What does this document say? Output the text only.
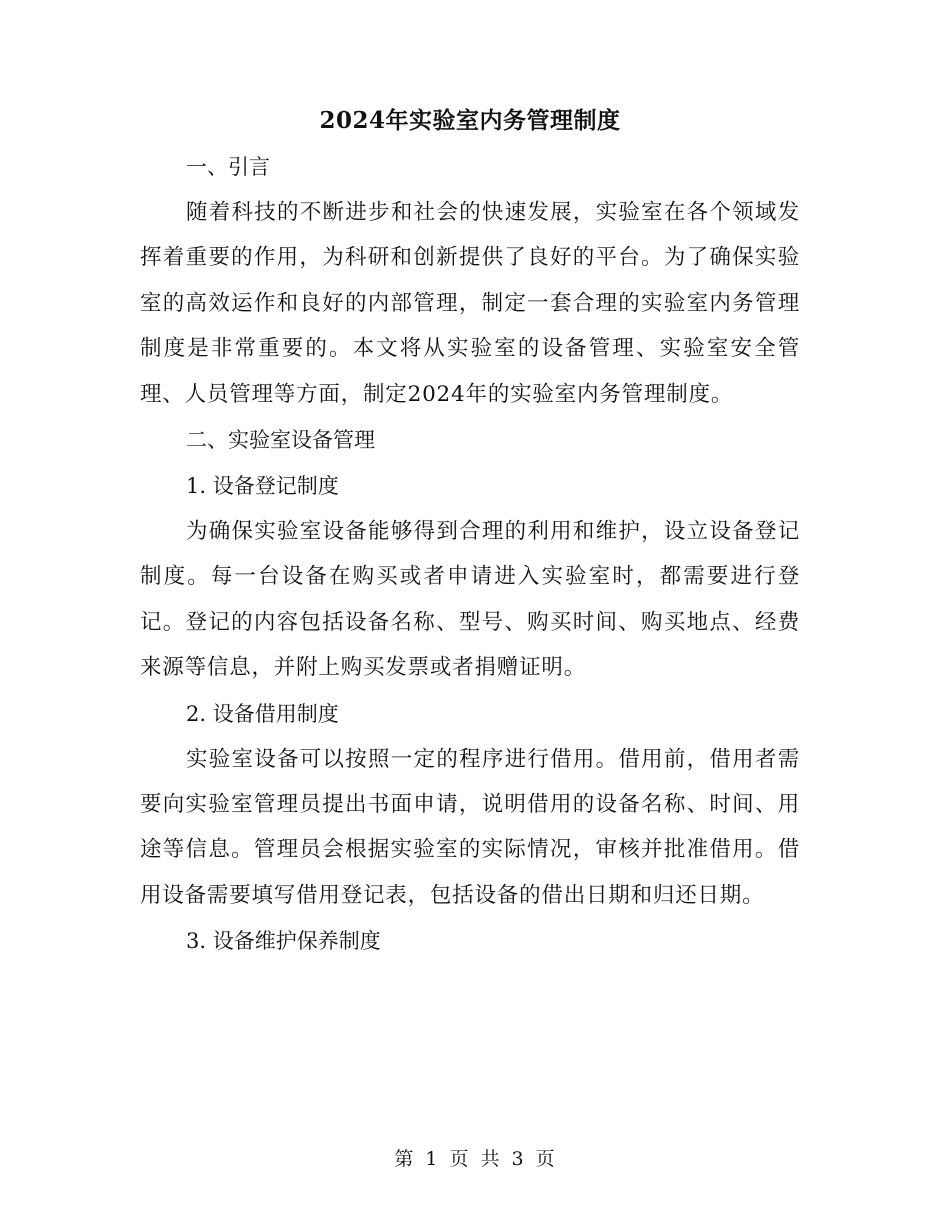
2024年实验室内务管理制度

一、引言

随着科技的不断进步和社会的快速发展，实验室在各个领域发挥着重要的作用，为科研和创新提供了良好的平台。为了确保实验室的高效运作和良好的内部管理，制定一套合理的实验室内务管理制度是非常重要的。本文将从实验室的设备管理、实验室安全管理、人员管理等方面，制定2024年的实验室内务管理制度。

二、实验室设备管理

1. 设备登记制度

为确保实验室设备能够得到合理的利用和维护，设立设备登记制度。每一台设备在购买或者申请进入实验室时，都需要进行登记。登记的内容包括设备名称、型号、购买时间、购买地点、经费来源等信息，并附上购买发票或者捐赠证明。

2. 设备借用制度

实验室设备可以按照一定的程序进行借用。借用前，借用者需要向实验室管理员提出书面申请，说明借用的设备名称、时间、用途等信息。管理员会根据实验室的实际情况，审核并批准借用。借用设备需要填写借用登记表，包括设备的借出日期和归还日期。

3. 设备维护保养制度

第 1 页 共 3 页
